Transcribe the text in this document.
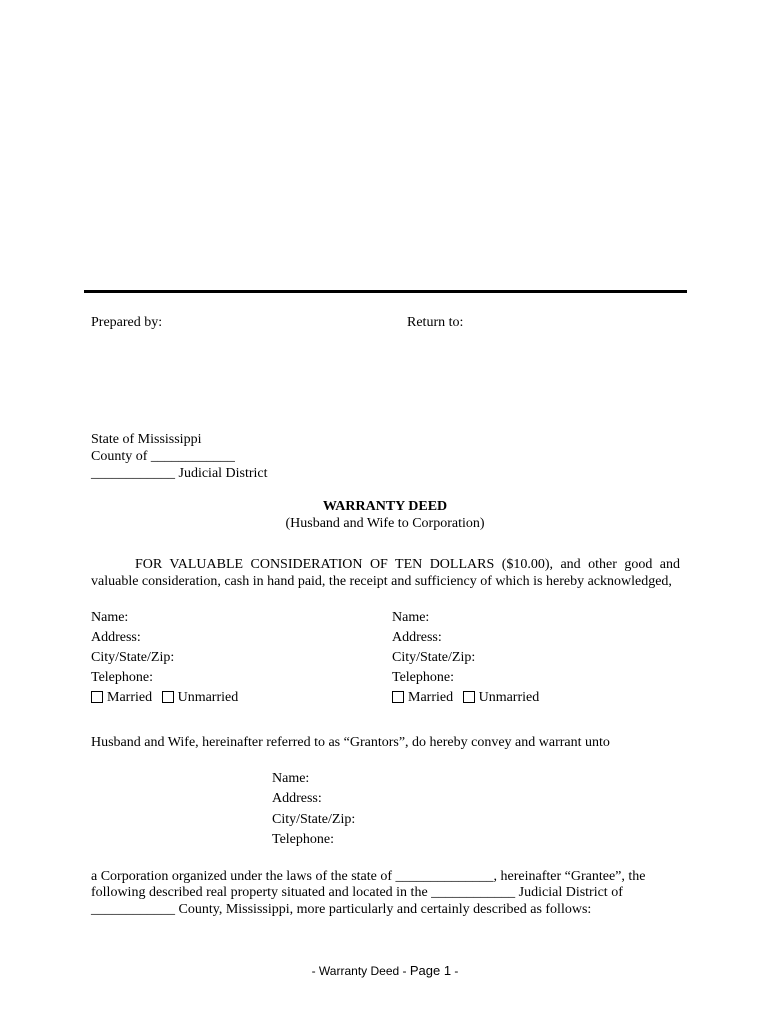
Prepared by:	Return to:
State of Mississippi
County of ____________
____________ Judicial District
WARRANTY DEED
(Husband and Wife to Corporation)
FOR VALUABLE CONSIDERATION OF TEN DOLLARS ($10.00), and other good and
valuable consideration, cash in hand paid, the receipt and sufficiency of which is hereby acknowledged,
Name:
Address:
City/State/Zip:
Telephone:
Married Unmarried
Name:
Address:
City/State/Zip:
Telephone:
Married Unmarried
Husband and Wife, hereinafter referred to as “Grantors”, do hereby convey and warrant unto
Name:
Address:
City/State/Zip:
Telephone:
a Corporation organized under the laws of the state of ______________, hereinafter “Grantee”, the
following described real property situated and located in the ____________ Judicial District of
____________ County, Mississippi, more particularly and certainly described as follows:
- Warranty Deed - Page 1 -
